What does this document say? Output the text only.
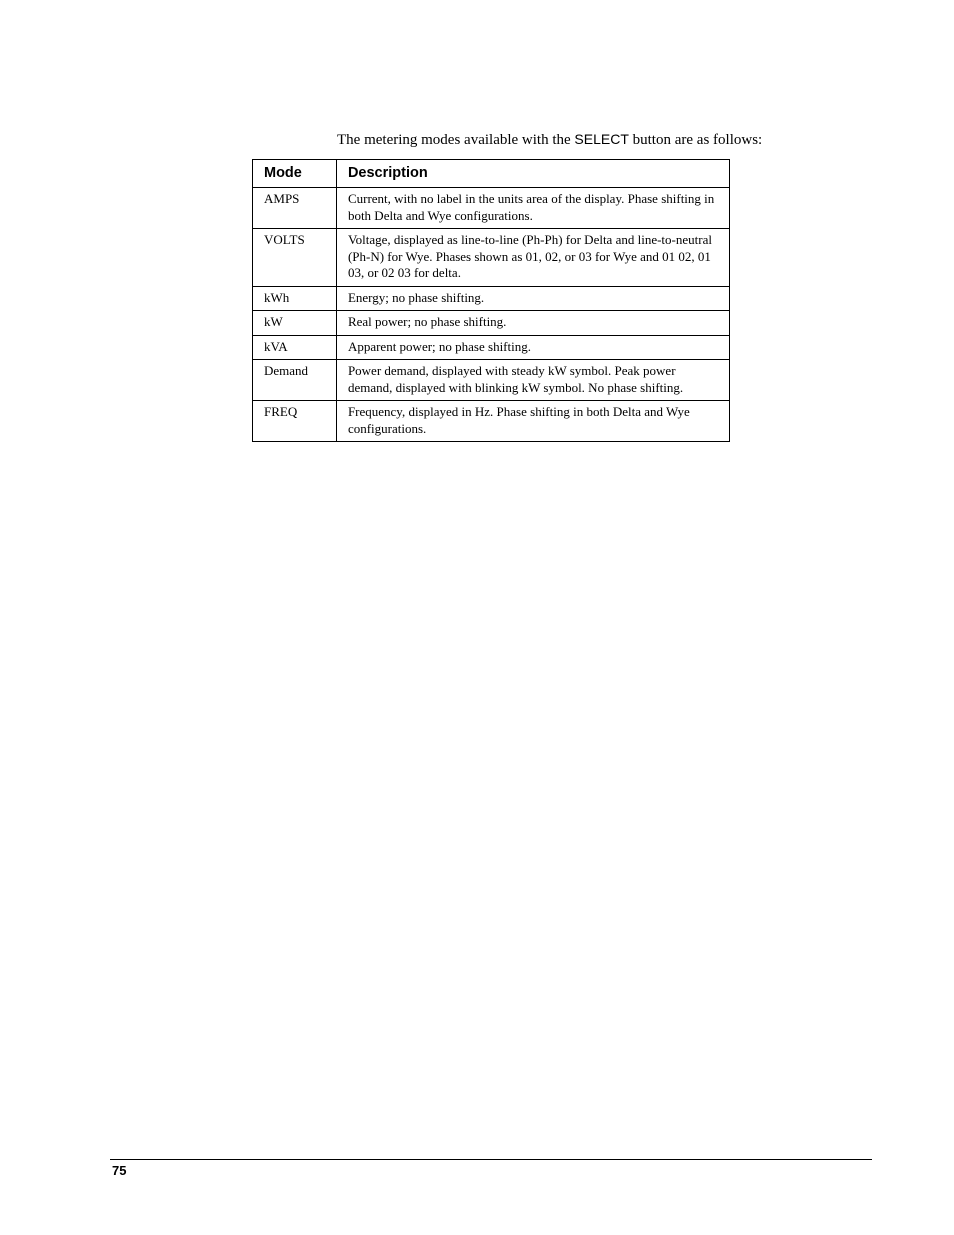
The metering modes available with the SELECT button are as follows:

Mode	Description
AMPS	Current, with no label in the units area of the display. Phase shifting in both Delta and Wye configurations.
VOLTS	Voltage, displayed as line-to-line (Ph-Ph) for Delta and line-to-neutral (Ph-N) for Wye. Phases shown as 01, 02, or 03 for Wye and 01 02, 01 03, or 02 03 for delta.
kWh	Energy; no phase shifting.
kW	Real power; no phase shifting.
kVA	Apparent power; no phase shifting.
Demand	Power demand, displayed with steady kW symbol. Peak power demand, displayed with blinking kW symbol. No phase shifting.
FREQ	Frequency, displayed in Hz. Phase shifting in both Delta and Wye configurations.
75
